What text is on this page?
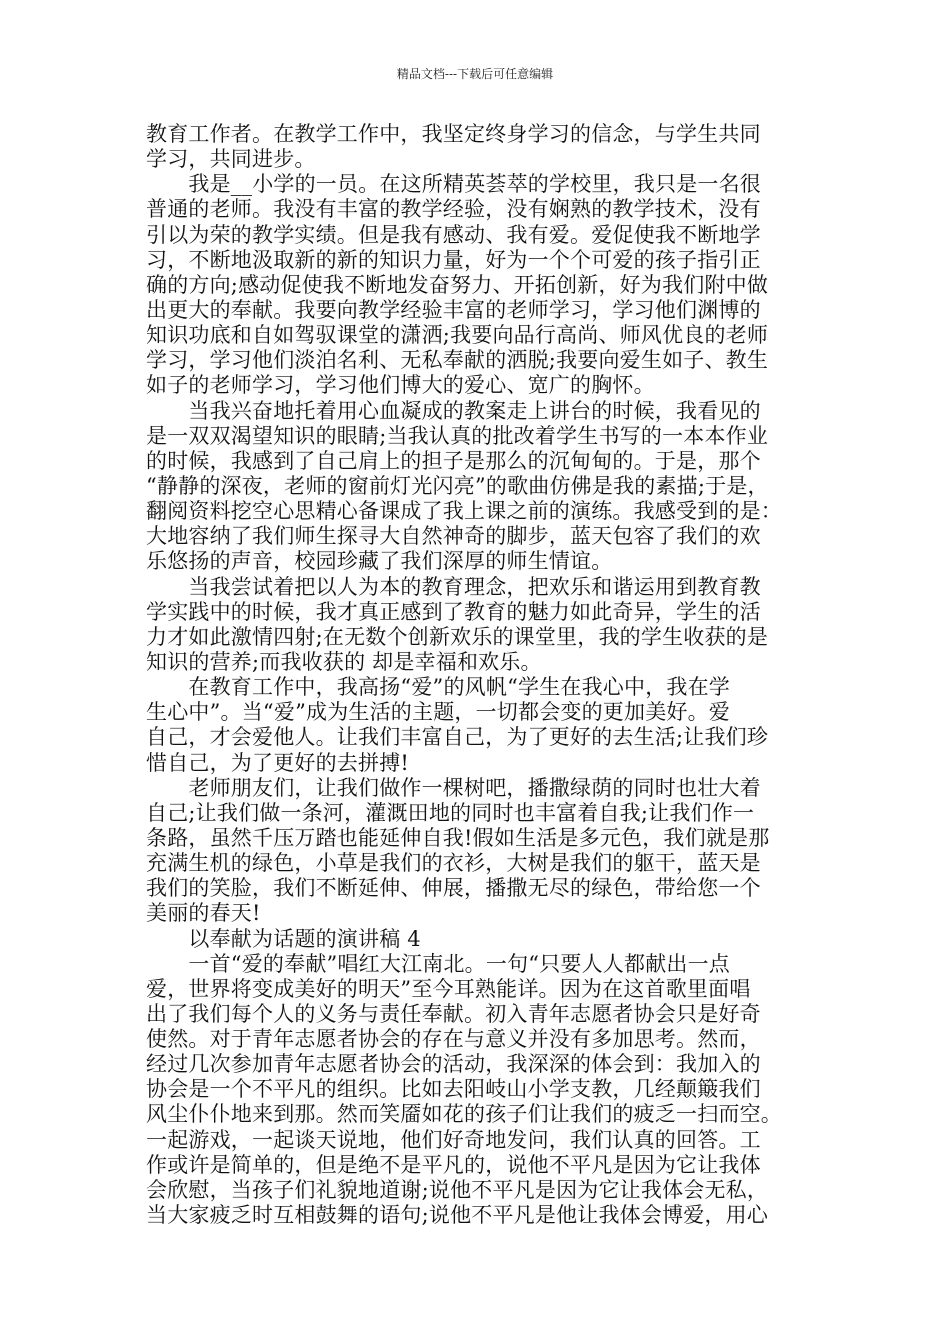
精品文档---下载后可任意编辑
教育工作者。在教学工作中，我坚定终身学习的信念，与学生共同
学习，共同进步。
　　我是__小学的一员。在这所精英荟萃的学校里，我只是一名很
普通的老师。我没有丰富的教学经验，没有娴熟的教学技术，没有
引以为荣的教学实绩。但是我有感动、我有爱。爱促使我不断地学
习，不断地汲取新的新的知识力量，好为一个个可爱的孩子指引正
确的方向;感动促使我不断地发奋努力、开拓创新，好为我们附中做
出更大的奉献。我要向教学经验丰富的老师学习，学习他们渊博的
知识功底和自如驾驭课堂的潇洒;我要向品行高尚、师风优良的老师
学习，学习他们淡泊名利、无私奉献的洒脱;我要向爱生如子、教生
如子的老师学习，学习他们博大的爱心、宽广的胸怀。
　　当我兴奋地托着用心血凝成的教案走上讲台的时候，我看见的
是一双双渴望知识的眼睛;当我认真的批改着学生书写的一本本作业
的时候，我感到了自己肩上的担子是那么的沉甸甸的。于是，那个
“静静的深夜，老师的窗前灯光闪亮”的歌曲仿佛是我的素描;于是，
翻阅资料挖空心思精心备课成了我上课之前的演练。我感受到的是：
大地容纳了我们师生探寻大自然神奇的脚步，蓝天包容了我们的欢
乐悠扬的声音，校园珍藏了我们深厚的师生情谊。
　　当我尝试着把以人为本的教育理念，把欢乐和谐运用到教育教
学实践中的时候，我才真正感到了教育的魅力如此奇异，学生的活
力才如此激情四射;在无数个创新欢乐的课堂里，我的学生收获的是
知识的营养;而我收获的 却是幸福和欢乐。
　　在教育工作中，我高扬“爱”的风帆“学生在我心中，我在学
生心中”。当“爱”成为生活的主题，一切都会变的更加美好。爱
自己，才会爱他人。让我们丰富自己，为了更好的去生活;让我们珍
惜自己，为了更好的去拼搏!
　　老师朋友们，让我们做作一棵树吧，播撒绿荫的同时也壮大着
自己;让我们做一条河，灌溉田地的同时也丰富着自我;让我们作一
条路，虽然千压万踏也能延伸自我!假如生活是多元色，我们就是那
充满生机的绿色，小草是我们的衣衫，大树是我们的躯干，蓝天是
我们的笑脸，我们不断延伸、伸展，播撒无尽的绿色，带给您一个
美丽的春天!
　　以奉献为话题的演讲稿 4
　　一首“爱的奉献”唱红大江南北。一句“只要人人都献出一点
爱，世界将变成美好的明天”至今耳熟能详。因为在这首歌里面唱
出了我们每个人的义务与责任奉献。初入青年志愿者协会只是好奇
使然。对于青年志愿者协会的存在与意义并没有多加思考。然而，
经过几次参加青年志愿者协会的活动，我深深的体会到：我加入的
协会是一个不平凡的组织。比如去阳岐山小学支教，几经颠簸我们
风尘仆仆地来到那。然而笑靥如花的孩子们让我们的疲乏一扫而空。
一起游戏，一起谈天说地，他们好奇地发问，我们认真的回答。工
作或许是简单的，但是绝不是平凡的，说他不平凡是因为它让我体
会欣慰，当孩子们礼貌地道谢;说他不平凡是因为它让我体会无私，
当大家疲乏时互相鼓舞的语句;说他不平凡是他让我体会博爱，用心
